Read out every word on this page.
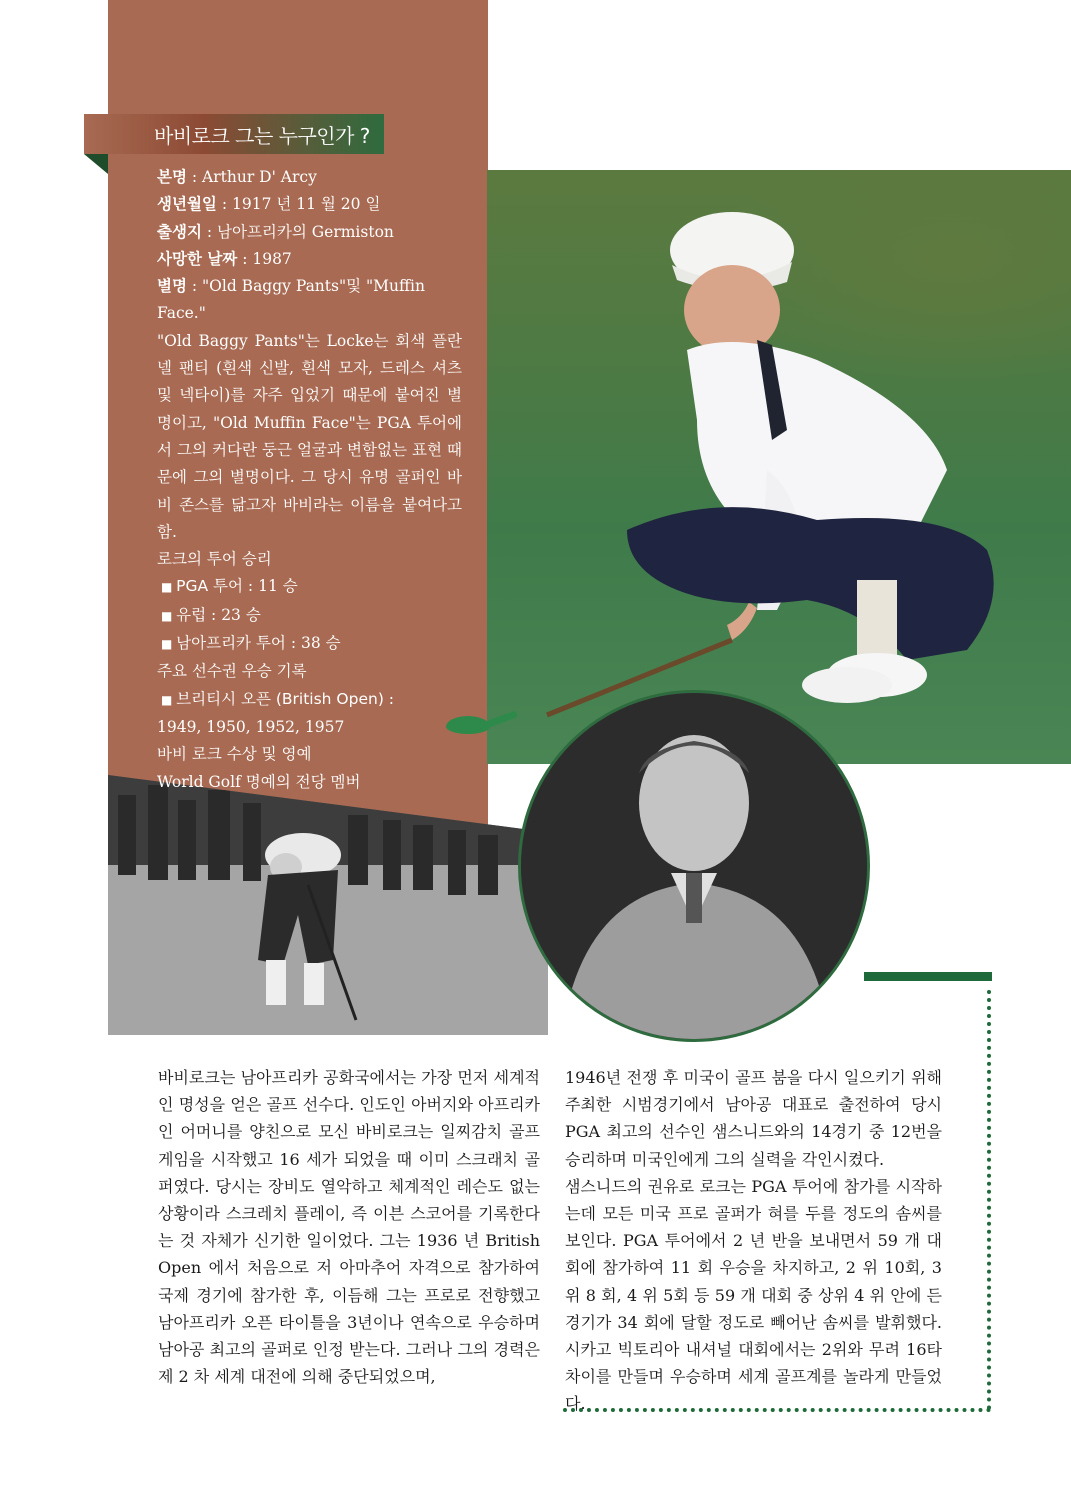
바비로크 그는 누구인가 ?
본명 : Arthur D' Arcy
생년월일 : 1917 년 11 월 20 일
출생지 : 남아프리카의 Germiston
사망한 날짜 : 1987
별명 : "Old Baggy Pants"및 "Muffin Face."
"Old Baggy Pants"는 Locke는 회색 플란넬 팬티 (흰색 신발, 흰색 모자, 드레스 셔츠 및 넥타이)를 자주 입었기 때문에 붙여진 별명이고, "Old Muffin Face"는 PGA 투어에서 그의 커다란 둥근 얼굴과 변함없는 표현 때문에 그의 별명이다. 그 당시 유명 골퍼인 바비 존스를 닮고자 바비라는 이름을 붙여다고 함.
로크의 투어 승리
■ PGA 투어 : 11 승
■ 유럽 : 23 승
■ 남아프리카 투어 : 38 승
주요 선수권 우승 기록
■ 브리티시 오픈 (British Open) :
1949, 1950, 1952, 1957
바비 로크 수상 및 영예
World Golf 명예의 전당 멤버

바비로크는 남아프리카 공화국에서는 가장 먼저 세계적인 명성을 얻은 골프 선수다. 인도인 아버지와 아프리카인 어머니를 양친으로 모신 바비로크는 일찌감치 골프 게임을 시작했고 16 세가 되었을 때 이미 스크래치 골퍼였다. 당시는 장비도 열악하고 체계적인 레슨도 없는 상황이라 스크레치 플레이, 즉 이븐 스코어를 기록한다는 것 자체가 신기한 일이었다. 그는 1936 년 British Open 에서 처음으로 저 아마추어 자격으로 참가하여 국제 경기에 참가한 후, 이듬해 그는 프로로 전향했고 남아프리카 오픈 타이틀을 3년이나 연속으로 우승하며 남아공 최고의 골퍼로 인정 받는다. 그러나 그의 경력은 제 2 차 세계 대전에 의해 중단되었으며,

1946년 전쟁 후 미국이 골프 붐을 다시 일으키기 위해 주최한 시범경기에서 남아공 대표로 출전하여 당시 PGA 최고의 선수인 샘스니드와의 14경기 중 12번을 승리하며 미국인에게 그의 실력을 각인시켰다.

샘스니드의 권유로 로크는 PGA 투어에 참가를 시작하는데 모든 미국 프로 골퍼가 혀를 두를 정도의 솜씨를 보인다. PGA 투어에서 2 년 반을 보내면서 59 개 대회에 참가하여 11 회 우승을 차지하고, 2 위 10회, 3 위 8 회, 4 위 5회 등 59 개 대회 중 상위 4 위 안에 든 경기가 34 회에 달할 정도로 빼어난 솜씨를 발휘했다. 시카고 빅토리아 내셔널 대회에서는 2위와 무려 16타 차이를 만들며 우승하며 세계 골프계를 놀라게 만들었다.
